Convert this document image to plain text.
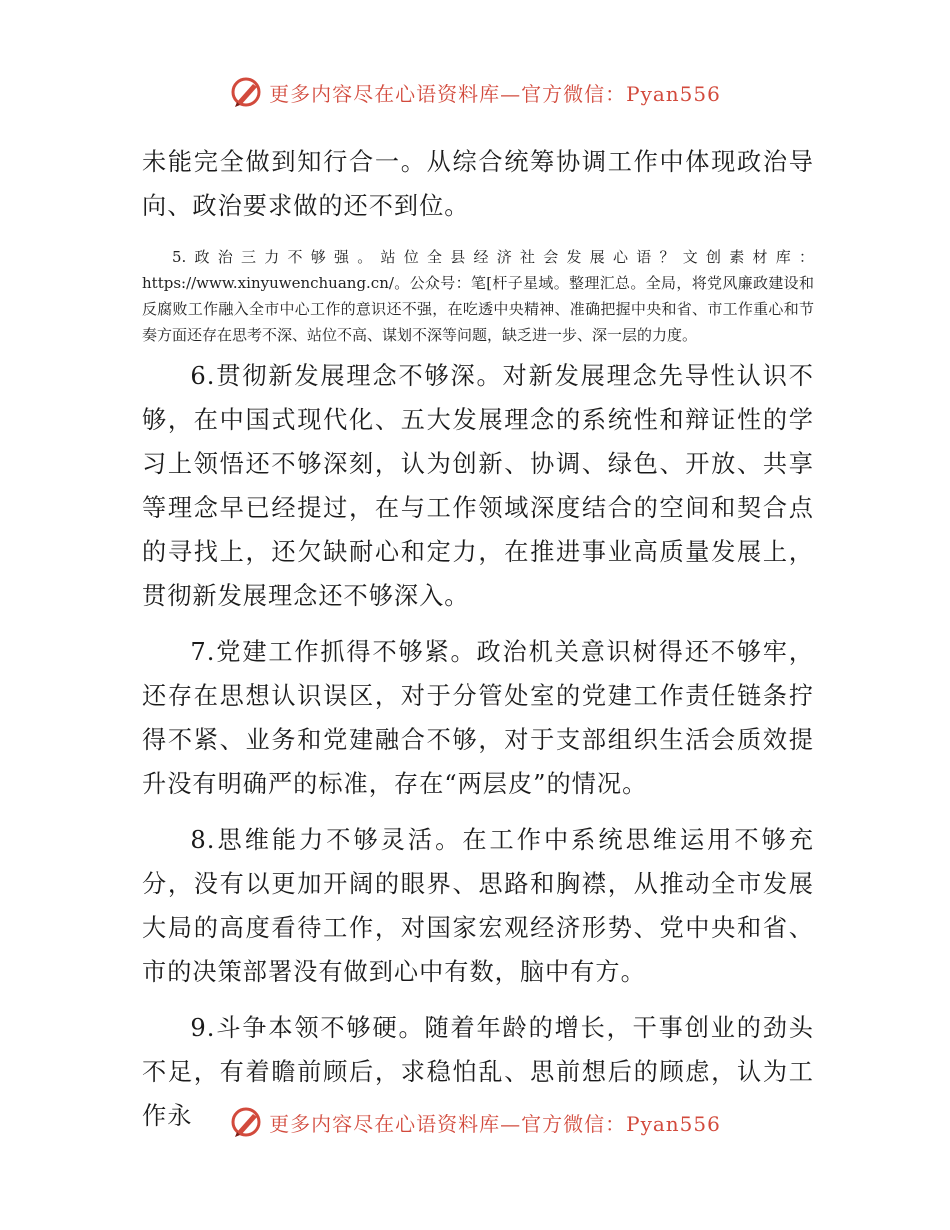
更多内容尽在心语资料库—官方微信：Pyan556

未能完全做到知行合一。从综合统筹协调工作中体现政治导向、政治要求做的还不到位。

5.政治三力不够强。站位全县经济社会发展心语？文创素材库：https://www.xinyuwenchuang.cn/。公众号：笔[杆子星域。整理汇总。全局，将党风廉政建设和反腐败工作融入全市中心工作的意识还不强，在吃透中央精神、准确把握中央和省、市工作重心和节奏方面还存在思考不深、站位不高、谋划不深等问题，缺乏进一步、深一层的力度。

6.贯彻新发展理念不够深。对新发展理念先导性认识不够，在中国式现代化、五大发展理念的系统性和辩证性的学习上领悟还不够深刻，认为创新、协调、绿色、开放、共享等理念早已经提过，在与工作领域深度结合的空间和契合点的寻找上，还欠缺耐心和定力，在推进事业高质量发展上，贯彻新发展理念还不够深入。

7.党建工作抓得不够紧。政治机关意识树得还不够牢，还存在思想认识误区，对于分管处室的党建工作责任链条拧得不紧、业务和党建融合不够，对于支部组织生活会质效提升没有明确严的标准，存在“两层皮”的情况。

8.思维能力不够灵活。在工作中系统思维运用不够充分，没有以更加开阔的眼界、思路和胸襟，从推动全市发展大局的高度看待工作，对国家宏观经济形势、党中央和省、市的决策部署没有做到心中有数，脑中有方。

9.斗争本领不够硬。随着年龄的增长，干事创业的劲头不足，有着瞻前顾后，求稳怕乱、思前想后的顾虑，认为工作永	更多内容尽在心语资料库—官方微信：Pyan556
